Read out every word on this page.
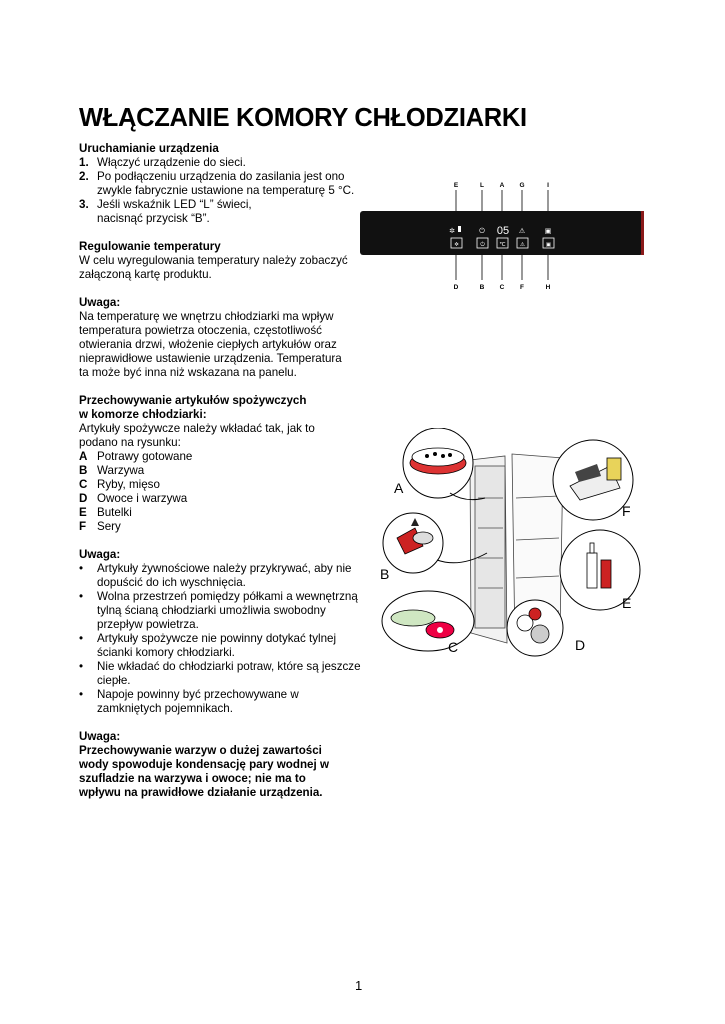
WŁĄCZANIE KOMORY CHŁODZIARKI
Uruchamianie urządzenia
1. Włączyć urządzenie do sieci.
2. Po podłączeniu urządzenia do zasilania jest ono zwykle fabrycznie ustawione na temperaturę 5 °C.
3. Jeśli wskaźnik LED “L” świeci, nacisnąć przycisk “B”.
Regulowanie temperatury
W celu wyregulowania temperatury należy zobaczyć załączoną kartę produktu.
Uwaga:
Na temperaturę we wnętrzu chłodziarki ma wpływ temperatura powietrza otoczenia, częstotliwość otwierania drzwi, włożenie ciepłych artykułów oraz nieprawidłowe ustawienie urządzenia. Temperatura ta może być inna niż wskazana na panelu.
Przechowywanie artykułów spożywczych
w komorze chłodziarki:
Artykuły spożywcze należy wkładać tak, jak to podano na rysunku:
A Potrawy gotowane
B Warzywa
C Ryby, mięso
D Owoce i warzywa
E Butelki
F Sery
Uwaga:
•	Artykuły żywnościowe należy przykrywać, aby nie dopuścić do ich wyschnięcia.
•	Wolna przestrzeń pomiędzy półkami a wewnętrzną tylną ścianą chłodziarki umożliwia swobodny przepływ powietrza.
•	Artykuły spożywcze nie powinny dotykać tylnej ścianki komory chłodziarki.
•	Nie wkładać do chłodziarki potraw, które są jeszcze ciepłe.
•	Napoje powinny być przechowywane w zamkniętych pojemnikach.
Uwaga:
Przechowywanie warzyw o dużej zawartości wody spowoduje kondensację pary wodnej w szufladzie na warzywa i owoce; nie ma to wpływu na prawidłowe działanie urządzenia.
E	L A G	I
D	B C F	H
✲	⏻	⚠	▣
05
✲	⏻	℃	⚠	▣
A
B
C	D
E
F
1
